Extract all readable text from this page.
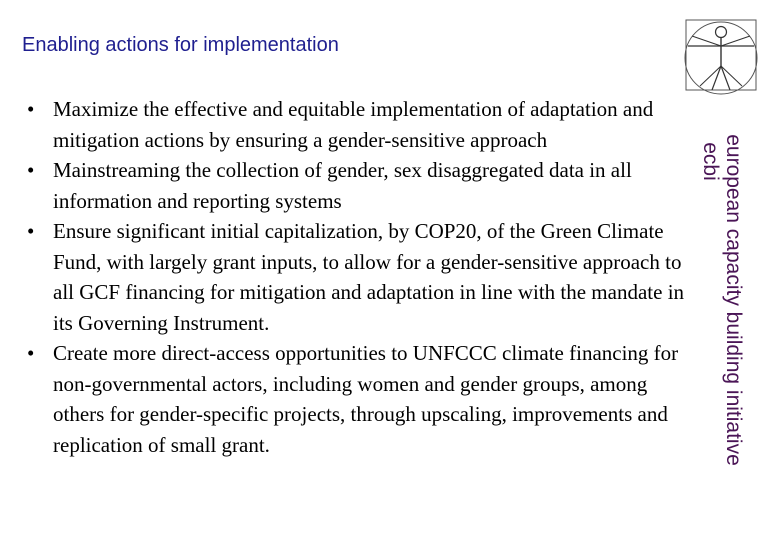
Enabling actions for implementation
• Maximize the effective and equitable implementation of adaptation and mitigation actions by ensuring a gender-sensitive approach
• Mainstreaming the collection of gender, sex disaggregated data in all information and reporting systems
• Ensure significant initial capitalization, by COP20, of the Green Climate Fund, with largely grant inputs, to allow for a gender-sensitive approach to all GCF financing for mitigation and adaptation in line with the mandate in its Governing Instrument.
• Create more direct-access opportunities to UNFCCC climate financing for non-governmental actors, including women and gender groups, among others for gender-specific projects, through upscaling, improvements and replication of small grant.	european capacity building initiative
ecbi
